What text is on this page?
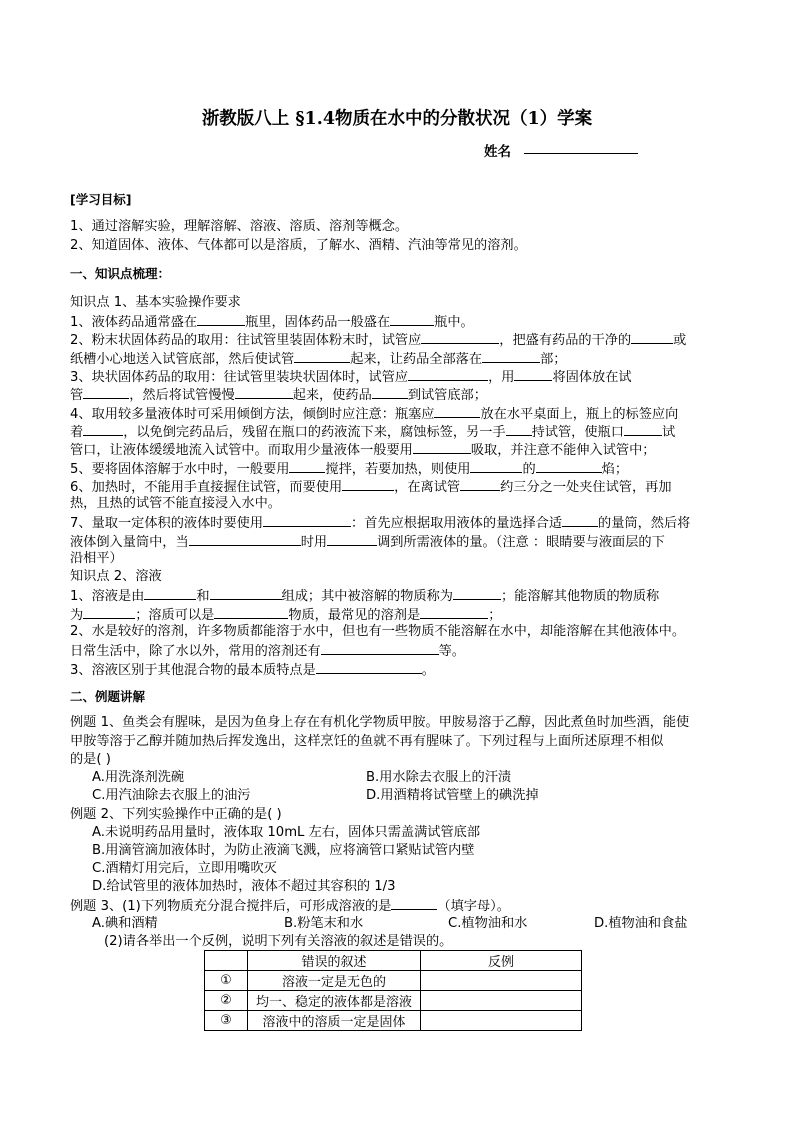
浙教版八上 §1.4物质在水中的分散状况（1）学案
姓名
[学习目标]
1、通过溶解实验，理解溶解、溶液、溶质、溶剂等概念。
2、知道固体、液体、气体都可以是溶质，了解水、酒精、汽油等常见的溶剂。
一、知识点梳理：
知识点 1、基本实验操作要求
1、液体药品通常盛在	瓶里，固体药品一般盛在	瓶中。
2、粉末状固体药品的取用：往试管里装固体粉末时，试管应	，把盛有药品的干净的	或
纸槽小心地送入试管底部，然后使试管	起来，让药品全部落在	部；
3、块状固体药品的取用：往试管里装块状固体时，试管应	，用	将固体放在试
管	，然后将试管慢慢	起来，使药品	到试管底部；
4、取用较多量液体时可采用倾倒方法，倾倒时应注意：瓶塞应	放在水平桌面上，瓶上的标签应向
着	，以免倒完药品后，残留在瓶口的药液流下来，腐蚀标签，另一手 持试管，使瓶口	试
管口，让液体缓缓地流入试管中。而取用少量液体一般要用	吸取，并注意不能伸入试管中；
5、要将固体溶解于水中时，一般要用	搅拌，若要加热，则使用	的	焰；
6、加热时，不能用手直接握住试管，而要使用	，在离试管	约三分之一处夹住试管，再加
热，且热的试管不能直接浸入水中。
7、量取一定体积的液体时要使用	：首先应根据取用液体的量选择合适	的量筒，然后将
液体倒入量筒中，当	时用	调到所需液体的量。（注意 ：眼睛要与液面层的下
沿相平）
知识点 2、溶液
1、溶液是由	和	组成；其中被溶解的物质称为	；能溶解其他物质的物质称
为	；溶质可以是	物质，最常见的溶剂是	；
2、水是较好的溶剂，许多物质都能溶于水中，但也有一些物质不能溶解在水中，却能溶解在其他液体中。
日常生活中，除了水以外，常用的溶剂还有	等。
3、溶液区别于其他混合物的最本质特点是	。
二、例题讲解
例题 1、鱼类会有腥味，是因为鱼身上存在有机化学物质甲胺。甲胺易溶于乙醇，因此煮鱼时加些酒，能使
甲胺等溶于乙醇并随加热后挥发逸出，这样烹饪的鱼就不再有腥味了。下列过程与上面所述原理不相似
的是( )
A.用洗涤剂洗碗	B.用水除去衣服上的汗渍
C.用汽油除去衣服上的油污	D.用酒精将试管壁上的碘洗掉
例题 2、下列实验操作中正确的是( )
A.未说明药品用量时，液体取 10mL 左右，固体只需盖满试管底部
B.用滴管滴加液体时，为防止液滴飞溅，应将滴管口紧贴试管内壁
C.酒精灯用完后，立即用嘴吹灭
D.给试管里的液体加热时，液体不超过其容积的 1/3
例题 3、(1)下列物质充分混合搅拌后，可形成溶液的是	（填字母）。
A.碘和酒精	B.粉笔末和水	C.植物油和水	D.植物油和食盐
(2)请各举出一个反例，说明下列有关溶液的叙述是错误的。
	错误的叙述	反例
①	溶液一定是无色的	
②	均一、稳定的液体都是溶液	
③	溶液中的溶质一定是固体	
